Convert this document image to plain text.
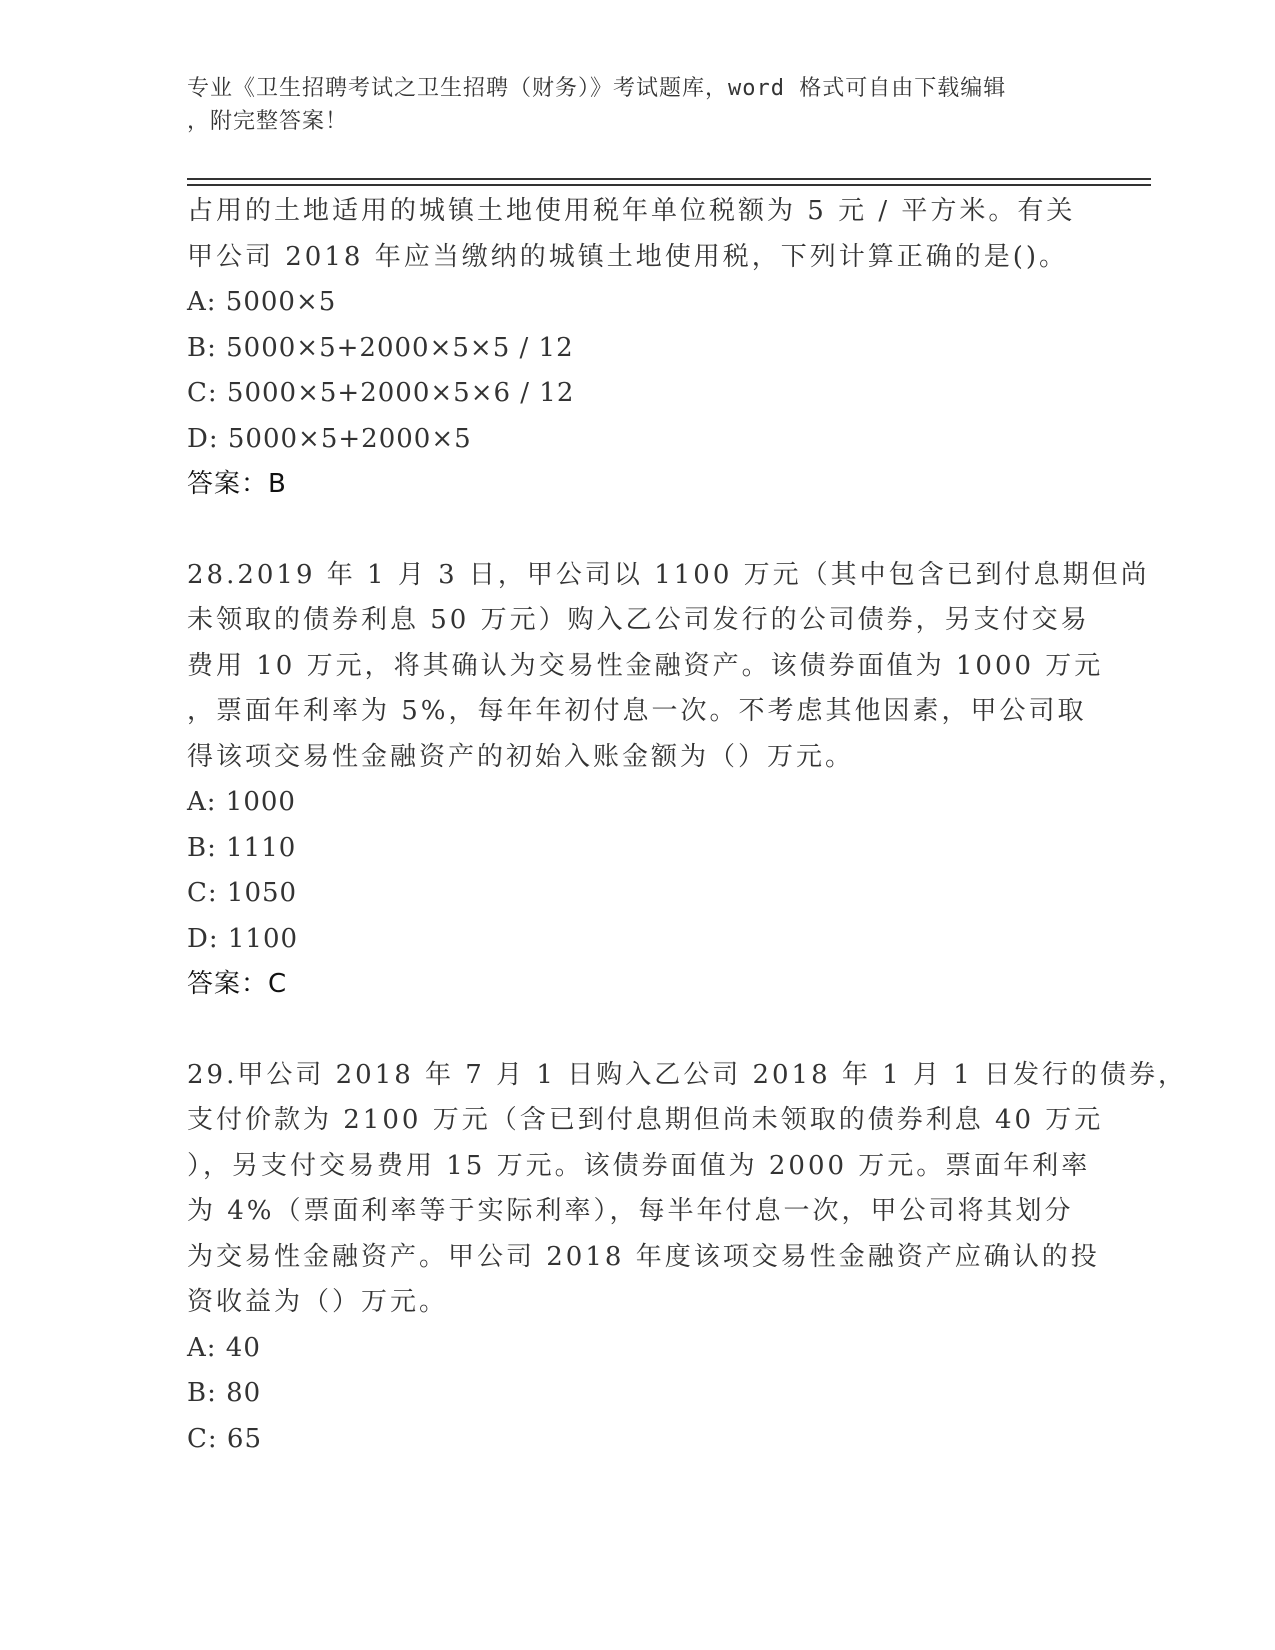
专业《卫生招聘考试之卫生招聘（财务）》考试题库，word 格式可自由下载编辑
，附完整答案！
占用的土地适用的城镇土地使用税年单位税额为 5 元 / 平方米。有关
甲公司 2018 年应当缴纳的城镇土地使用税，下列计算正确的是()。
A: 5000×5
B: 5000×5+2000×5×5 / 12
C: 5000×5+2000×5×6 / 12
D: 5000×5+2000×5
答案：B
28.2019 年 1 月 3 日，甲公司以 1100 万元（其中包含已到付息期但尚
未领取的债券利息 50 万元）购入乙公司发行的公司债券，另支付交易
费用 10 万元，将其确认为交易性金融资产。该债券面值为 1000 万元
，票面年利率为 5%，每年年初付息一次。不考虑其他因素，甲公司取
得该项交易性金融资产的初始入账金额为（）万元。
A: 1000
B: 1110
C: 1050
D: 1100
答案：C
29.甲公司 2018 年 7 月 1 日购入乙公司 2018 年 1 月 1 日发行的债券，
支付价款为 2100 万元（含已到付息期但尚未领取的债券利息 40 万元
），另支付交易费用 15 万元。该债券面值为 2000 万元。票面年利率
为 4%（票面利率等于实际利率），每半年付息一次，甲公司将其划分
为交易性金融资产。甲公司 2018 年度该项交易性金融资产应确认的投
资收益为（）万元。
A: 40
B: 80
C: 65
